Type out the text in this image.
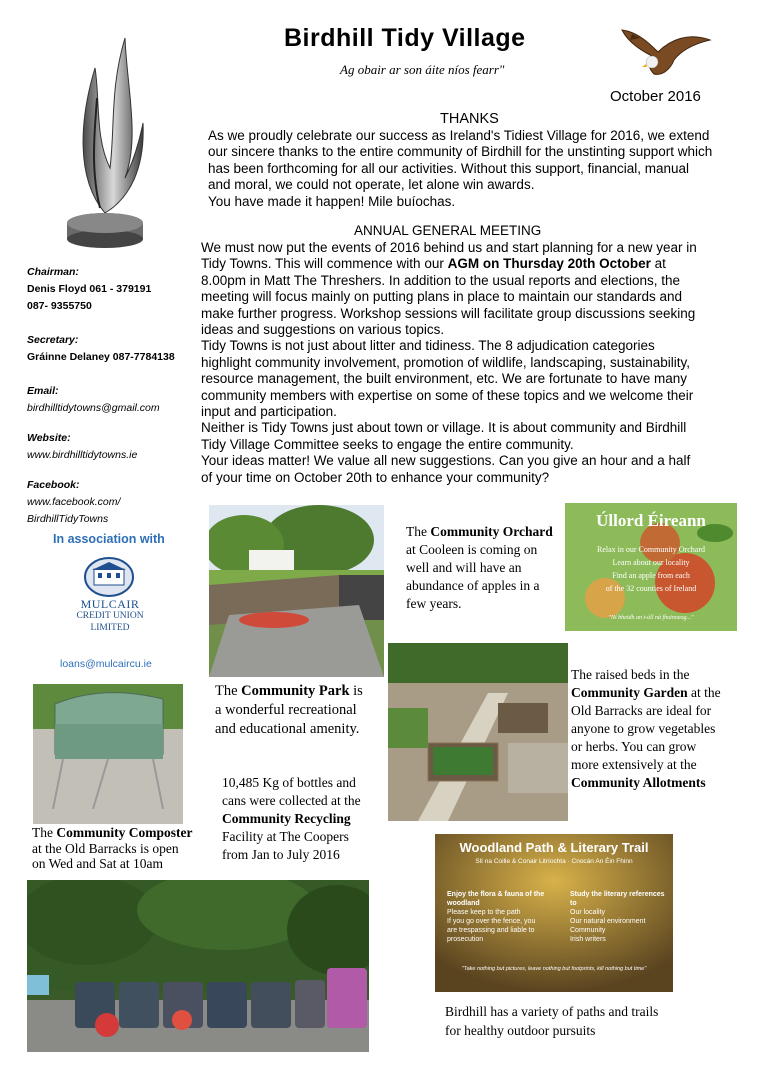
Birdhill Tidy Village
Ag obair ar son áite níos fearr"
October 2016
THANKS
As we proudly celebrate our success as Ireland's Tidiest Village for 2016, we extend
our sincere thanks to the entire community of Birdhill for the unstinting support which
has been forthcoming for all our activities. Without this support, financial, manual
and moral, we could not operate, let alone win awards.
You have made it happen! Mile buíochas.
ANNUAL GENERAL MEETING
We must now put the events of 2016 behind us and start planning for a new year in
Tidy Towns. This will commence with our AGM on Thursday 20th October at
8.00pm in Matt The Threshers. In addition to the usual reports and elections, the
meeting will focus mainly on putting plans in place to maintain our standards and
make further progress. Workshop sessions will facilitate group discussions seeking
ideas and suggestions on various topics.
Tidy Towns is not just about litter and tidiness. The 8 adjudication categories
highlight community involvement, promotion of wildlife, landscaping, sustainability,
resource management, the built environment, etc. We are fortunate to have many
community members with expertise on some of these topics and we welcome their
input and participation.
Neither is Tidy Towns just about town or village. It is about community and Birdhill
Tidy Village Committee seeks to engage the entire community.
Your ideas matter! We value all new suggestions. Can you give an hour and a half
of your time on October 20th to enhance your community?
Chairman:
Denis Floyd 061 - 379191
087- 9355750
Secretary:
Gráinne Delaney 087-7784138
Email:
birdhilltidytowns@gmail.com
Website:
www.birdhilltidytowns.ie
Facebook:
www.facebook.com/
BirdhillTidyTowns
In association with
MULCAIR
CREDIT UNION
LIMITED
loans@mulcaircu.ie
Úllord Éireann
Relax in our Community Orchard
Learn about our locality
Find an apple from each
of the 32 counties of Ireland
"Ní bheidh an t-úll ná fhuinneog..."
The Community Orchard
at Cooleen is coming on
well and will have an
abundance of apples in a
few years.
The raised beds in the
Community Garden at the
Old Barracks are ideal for
anyone to grow vegetables
or herbs. You can grow
more extensively at the
Community Allotments
The Community Park is
a wonderful recreational
and educational amenity.
The Community Composter
at the Old Barracks is open
on Wed and Sat at 10am
10,485 Kg of bottles and
cans were collected at the
Community Recycling
Facility at The Coopers
from Jan to July 2016	Woodland Path & Literary Trail
Slí na Coille & Conair Litríochta · Cnocán An Éin Fhinn
Enjoy the flora & fauna of the woodland
Please keep to the path
If you go over the fence, you are trespassing and liable to prosecution
Study the literary references to
Our locality
Our natural environment
Community
Irish writers
"Take nothing but pictures, leave nothing but footprints, kill nothing but time"
Birdhill has a variety of paths and trails
for healthy outdoor pursuits
